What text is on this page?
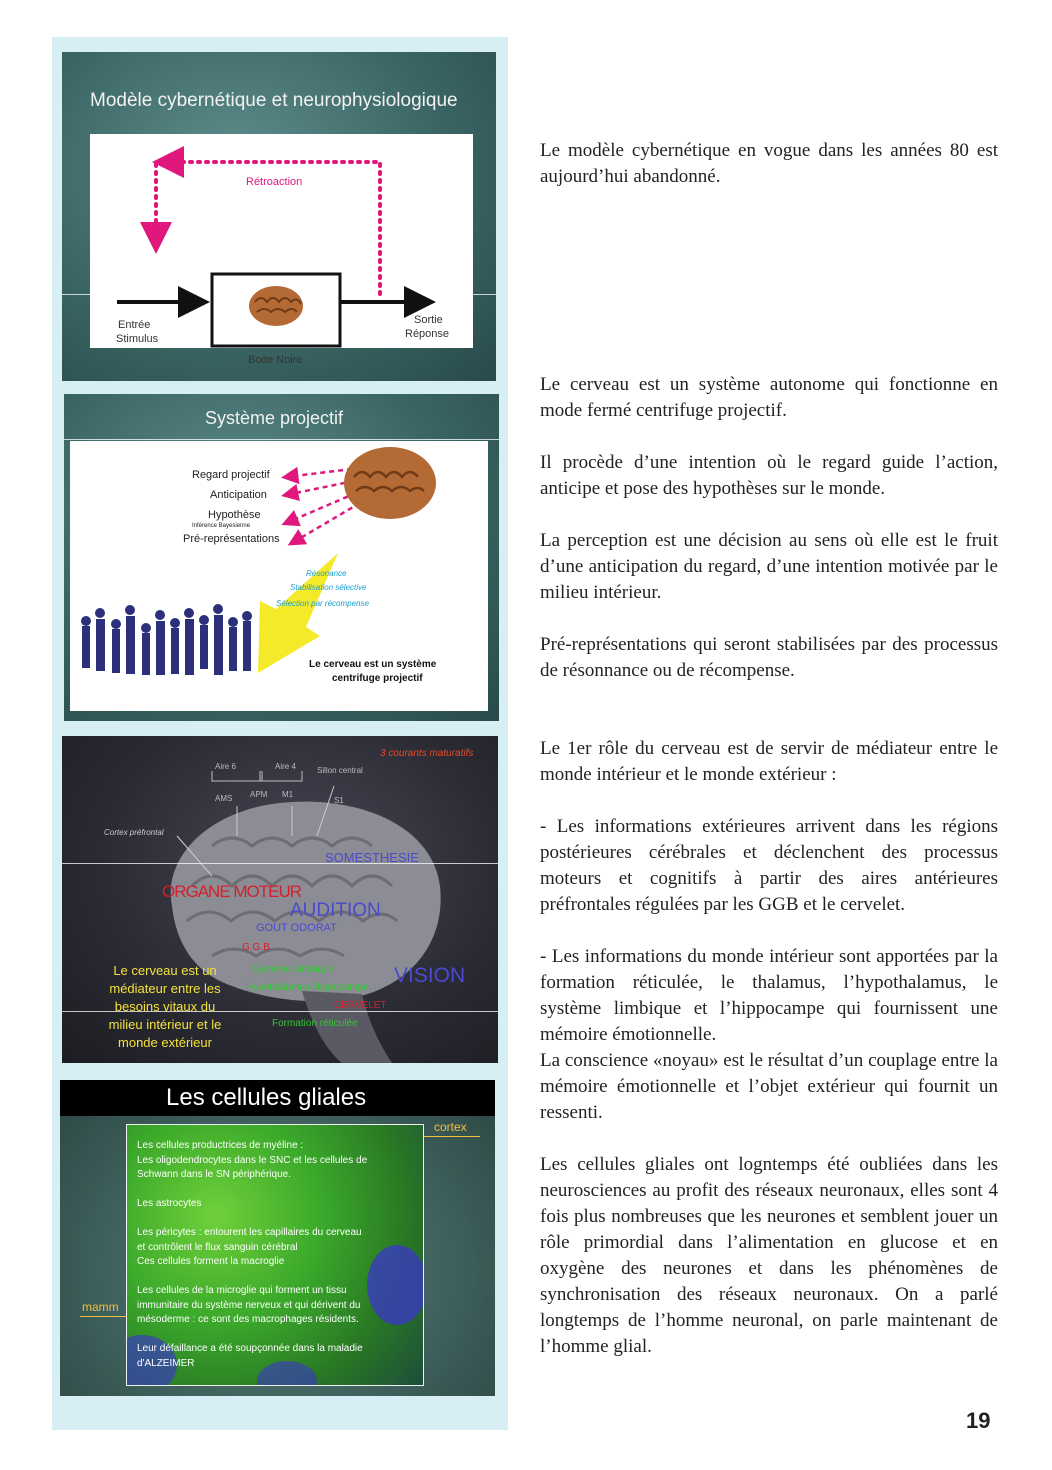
Modèle cybernétique et neurophysiologique
Rétroaction
Entrée
Stimulus
Sortie
Réponse
Boite Noire
Système projectif
Regard projectif
Anticipation
Hypothèse
Inférence Bayesienne
Pré-représentations
Résonance
Stabilisation sélective
Sélection par récompense
Le cerveau est un système
centrifuge projectif
3 courants maturatifs
Aire 6	Aire 4	Sillon central
AMS APM M1
S1
Cortex préfrontal
SOMESTHESIE
ORGANE MOTEUR
AUDITION
GOUT ODORAT
G.G.B
Système Limbique
Hypothalamus Hippocampe
VISION
CERVELET
Formation réticulée
Le cerveau est un
médiateur entre les
besoins vitaux du
milieu intérieur et le
monde extérieur
Les cellules gliales
cortex
mamm
Les cellules productrices de myéline :
Les oligodendrocytes dans le SNC et les cellules de
Schwann dans le SN périphérique.
Les astrocytes
Les péricytes : entourent les capillaires du cerveau
et contrôlent le flux sanguin cérébral
Ces cellules forment la macroglie
Les cellules de la microglie qui forment un tissu
immunitaire du système nerveux et qui dérivent du
mésoderme : ce sont des macrophages résidents.
Leur défaillance a été soupçonnée dans la maladie
d'ALZEIMER

Le modèle cybernétique en vogue dans les années 80 est aujourd’hui abandonné.

Le cerveau est un système autonome qui fonctionne en mode fermé centrifuge projectif.

Il procède d’une intention où le regard guide l’action, anticipe et pose des hypothèses sur le monde.

La perception est une décision au sens où elle est le fruit d’une anticipation du regard, d’une intention motivée par le milieu intérieur.

Pré-représentations qui seront stabilisées par des processus de résonnance ou de récompense.

Le 1er rôle du cerveau est de servir de médiateur entre le monde intérieur et le monde extérieur :

- Les informations extérieures arrivent dans les régions postérieures cérébrales et déclenchent des processus moteurs et cognitifs à partir des aires antérieures préfrontales régulées par les GGB et le cervelet.

- Les informations du monde intérieur sont apportées par la formation réticulée, le thalamus, l’hypothalamus, le système limbique et l’hippocampe qui fournissent une mémoire émotionnelle.

La conscience «noyau» est le résultat d’un couplage entre la mémoire émotionnelle et l’objet extérieur qui fournit un ressenti.

Les cellules gliales ont logntemps été oubliées dans les neurosciences au profit des réseaux neuronaux, elles sont 4 fois plus nombreuses que les neurones et semblent jouer un rôle primordial dans l’alimentation en glucose et en oxygène des neurones et dans les phénomènes de synchronisation des réseaux neuronaux. On a parlé longtemps de l’homme neuronal, on parle maintenant de l’homme glial.

19
